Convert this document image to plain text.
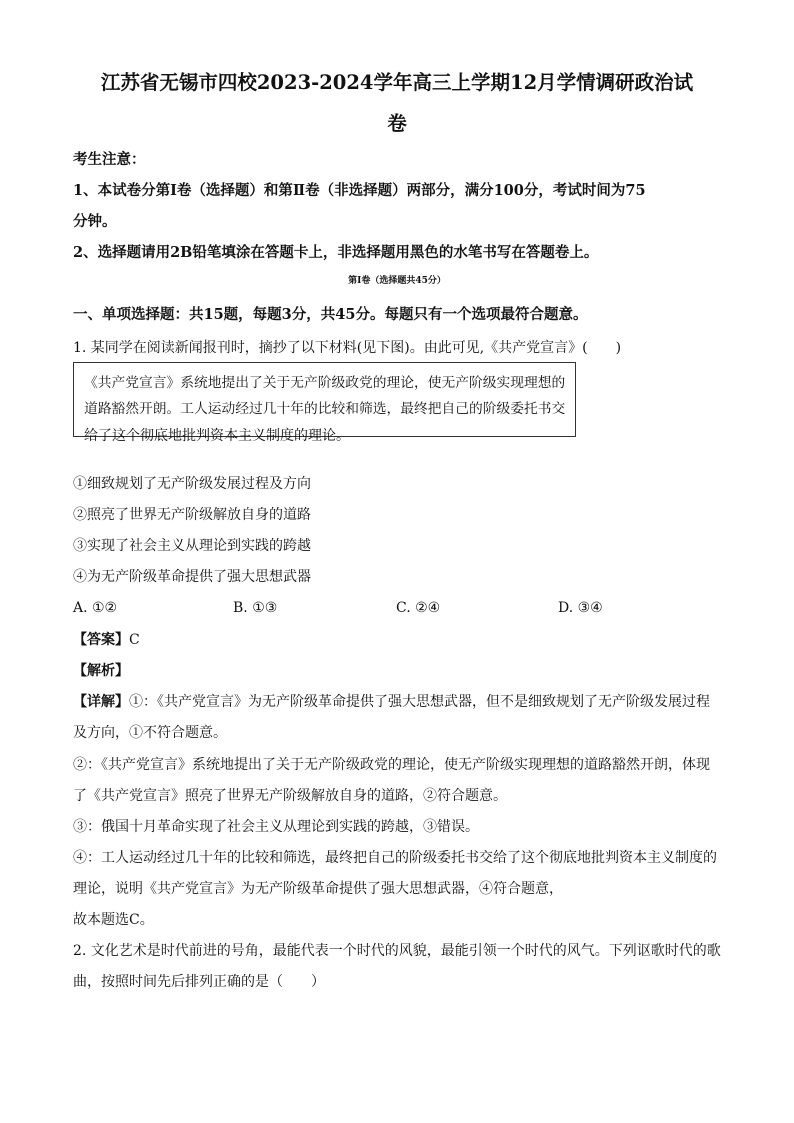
江苏省无锡市四校2023-2024学年高三上学期12月学情调研政治试
卷
考生注意：
1、本试卷分第Ⅰ卷（选择题）和第Ⅱ卷（非选择题）两部分，满分100分，考试时间为75
分钟。
2、选择题请用2B铅笔填涂在答题卡上，非选择题用黑色的水笔书写在答题卷上。
第Ⅰ卷（选择题共45分）
一、单项选择题：共15题，每题3分，共45分。每题只有一个选项最符合题意。
1. 某同学在阅读新闻报刊时，摘抄了以下材料(见下图)。由此可见,《共产党宣言》(　　)
《共产党宣言》系统地提出了关于无产阶级政党的理论，使无产阶级实现理想的
道路豁然开朗。工人运动经过几十年的比较和筛选，最终把自己的阶级委托书交
给了这个彻底地批判资本主义制度的理论。
①细致规划了无产阶级发展过程及方向
②照亮了世界无产阶级解放自身的道路
③实现了社会主义从理论到实践的跨越
④为无产阶级革命提供了强大思想武器
A. ①②	B. ①③	C. ②④	D. ③④
【答案】C
【解析】
【详解】①：《共产党宣言》为无产阶级革命提供了强大思想武器，但不是细致规划了无产阶级发展过程
及方向，①不符合题意。
②：《共产党宣言》系统地提出了关于无产阶级政党的理论，使无产阶级实现理想的道路豁然开朗，体现
了《共产党宣言》照亮了世界无产阶级解放自身的道路，②符合题意。
③：俄国十月革命实现了社会主义从理论到实践的跨越，③错误。
④：工人运动经过几十年的比较和筛选，最终把自己的阶级委托书交给了这个彻底地批判资本主义制度的
理论，说明《共产党宣言》为无产阶级革命提供了强大思想武器，④符合题意，
故本题选C。
2. 文化艺术是时代前进的号角，最能代表一个时代的风貌，最能引领一个时代的风气。下列讴歌时代的歌
曲，按照时间先后排列正确的是（　　）
